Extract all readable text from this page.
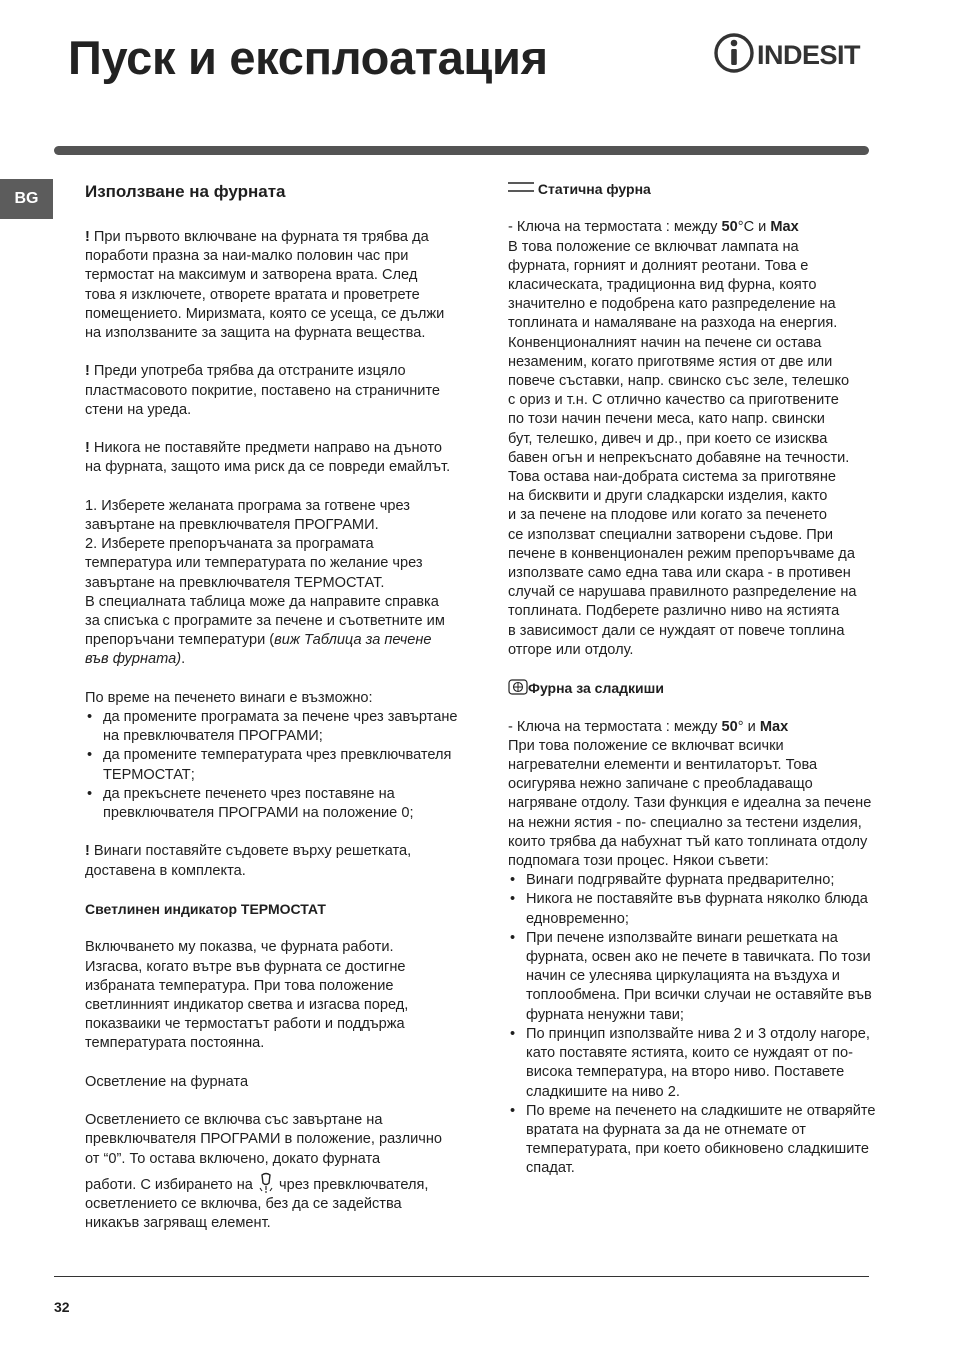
Пуск и експлоатация	INDESIT
BG	Използване на фурната

! При първото включване на фурната тя трябва да

поработи празна за наи-малко половин час при

термостат на максимум и затворена врата. След

това я изключете, отворете вратата и проветрете

помещението. Миризмата, която се усеща, се дължи

на използваните за защита на фурната вещества.

! Преди употреба трябва да отстраните изцяло

пластмасовото покритие, поставено на страничните

стени на уреда.

! Никога не поставяйте предмети направо на дъното

на фурната, защото има риск да се повреди емайлът.

1. Изберете желаната програма за готвене чрез

завъртане на превключвателя ПРОГРАМИ.

2. Изберете препоръчаната за програмата

температура или температурата по желание чрез

завъртане на превключвателя ТЕРМОСТАТ.

В специалната таблица може да направите справка

за списъка с програмите за печене и съответните им

препоръчани температури (виж Таблица за печене

във фурната).

По време на печенето винаги е възможно:

• да промените програмата за печене чрез завъртане
на превключвателя ПРОГРАМИ;
• да промените температурата чрез превключвателя
ТЕРМОСТАТ;
• да прекъснете печенето чрез поставяне на
превключвателя ПРОГРАМИ на положение 0;

! Винаги поставяйте съдовете върху решетката,

доставена в комплекта.

Светлинен индикатор ТЕРМОСТАТ

Включването му показва, че фурната работи.

Изгасва, когато вътре във фурната се достигне

избраната температура. При това положение

светлинният индикатор светва и изгасва поред,

показваики че термостатът работи и поддържа

температурата постоянна.

Осветление на фурната

Осветлението се включва със завъртане на

превключвателя ПРОГРАМИ в положение, различно

от “0”. То остава включено, докато фурната

работи. С избирането на  чрез превключвателя,

осветлението се включва, без да се задейства

никакъв загряващ елемент.

Статична фурна

- Ключа на термостата : между 50°C и Max

В това положение се включват лампата на

фурната, горният и долният реотани. Това е

класическата, традиционна вид фурна, която

значително е подобрена като разпределение на

топлината и намаляване на разхода на енергия.

Конвенционалният начин на печене си остава

незаменим, когато приготвяме ястия от две или

повече съставки, напр. свинско със зеле, телешко

с ориз и т.н. С отлично качество са приготвените

по този начин печени меса, като напр. свински

бут, телешко, дивеч и др., при което се изисква

бавен огън и непрекъснато добавяне на течности.

Това остава наи-добрата система за приготвяне

на бисквити и други сладкарски изделия, както

и за печене на плодове или когато за печенето

се използват специални затворени съдове. При

печене в конвенционален режим препоръчваме да

използвате само една тава или скара - в противен

случай се нарушава правилното разпределение на

топлината. Подберете различно ниво на ястията

в зависимост дали се нуждаят от повече топлина

отгоре или отдолу.

Фурна за сладкиши

- Ключа на термостата : между 50° и Max

При това положение се включват всички

нагревателни елементи и вентилаторът. Това

осигурява нежно запичане с преобладаващо

нагряване отдолу. Тази функция е идеална за печене

на нежни ястия - по- специално за тестени изделия,

които трябва да набухнат тъй като топлината отдолу

подпомага този процес. Някои съвети:

• Винаги подгрявайте фурната предварително;
• Никога не поставяйте във фурната няколко блюда
едновременно;
• При печене използвайте винаги решетката на
фурната, освен ако не печете в тавичката. По този
начин се улеснява циркулацията на въздуха и
топлообмена. При всички случаи не оставяйте във
фурната ненужни тави;
• По принцип използвайте нива 2 и 3 отдолу нагоре,
като поставяте ястията, които се нуждаят от по-
висока температура, на второ ниво. Поставете
сладкишите на ниво 2.
• По време на печенето на сладкишите не отваряйте
вратата на фурната за да не отнемате от
температурата, при което обикновено сладкишите
спадат.
32
